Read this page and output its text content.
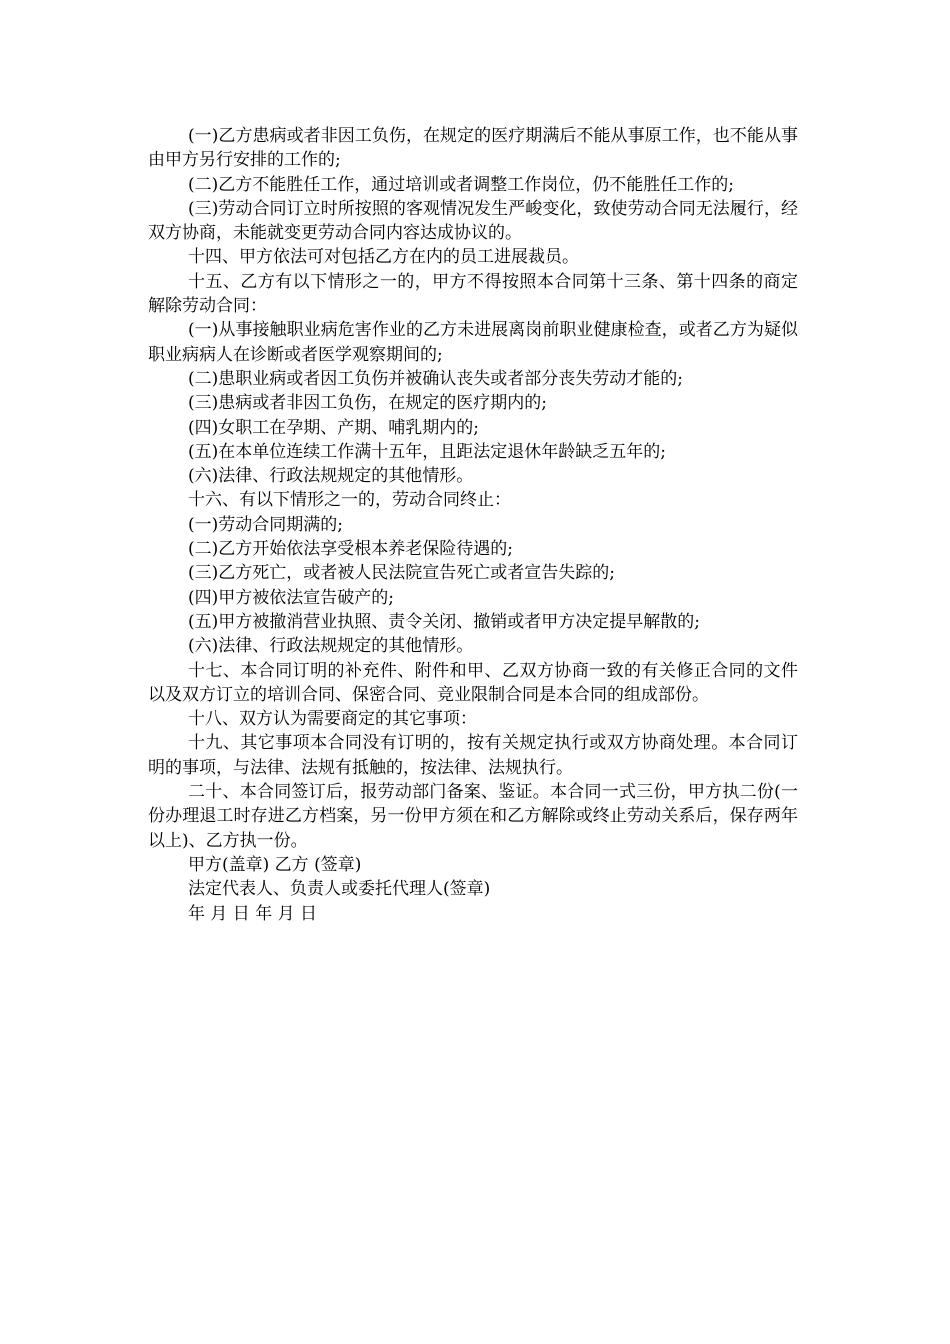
(一)乙方患病或者非因工负伤，在规定的医疗期满后不能从事原工作，也不能从事由甲方另行安排的工作的;

(二)乙方不能胜任工作，通过培训或者调整工作岗位，仍不能胜任工作的;

(三)劳动合同订立时所按照的客观情况发生严峻变化，致使劳动合同无法履行，经双方协商，未能就变更劳动合同内容达成协议的。

十四、甲方依法可对包括乙方在内的员工进展裁员。

十五、乙方有以下情形之一的，甲方不得按照本合同第十三条、第十四条的商定解除劳动合同：

(一)从事接触职业病危害作业的乙方未进展离岗前职业健康检查，或者乙方为疑似职业病病人在诊断或者医学观察期间的;

(二)患职业病或者因工负伤并被确认丧失或者部分丧失劳动才能的;

(三)患病或者非因工负伤，在规定的医疗期内的;

(四)女职工在孕期、产期、哺乳期内的;

(五)在本单位连续工作满十五年，且距法定退休年龄缺乏五年的;

(六)法律、行政法规规定的其他情形。

十六、有以下情形之一的，劳动合同终止：

(一)劳动合同期满的;

(二)乙方开始依法享受根本养老保险待遇的;

(三)乙方死亡，或者被人民法院宣告死亡或者宣告失踪的;

(四)甲方被依法宣告破产的;

(五)甲方被撤消营业执照、责令关闭、撤销或者甲方决定提早解散的;

(六)法律、行政法规规定的其他情形。

十七、本合同订明的补充件、附件和甲、乙双方协商一致的有关修正合同的文件以及双方订立的培训合同、保密合同、竞业限制合同是本合同的组成部份。

十八、双方认为需要商定的其它事项：

十九、其它事项本合同没有订明的，按有关规定执行或双方协商处理。本合同订明的事项，与法律、法规有抵触的，按法律、法规执行。

二十、本合同签订后，报劳动部门备案、鉴证。本合同一式三份，甲方执二份(一份办理退工时存进乙方档案，另一份甲方须在和乙方解除或终止劳动关系后，保存两年以上)、乙方执一份。

甲方(盖章) 乙方 (签章)

法定代表人、负责人或委托代理人(签章)

年 月 日 年 月 日
